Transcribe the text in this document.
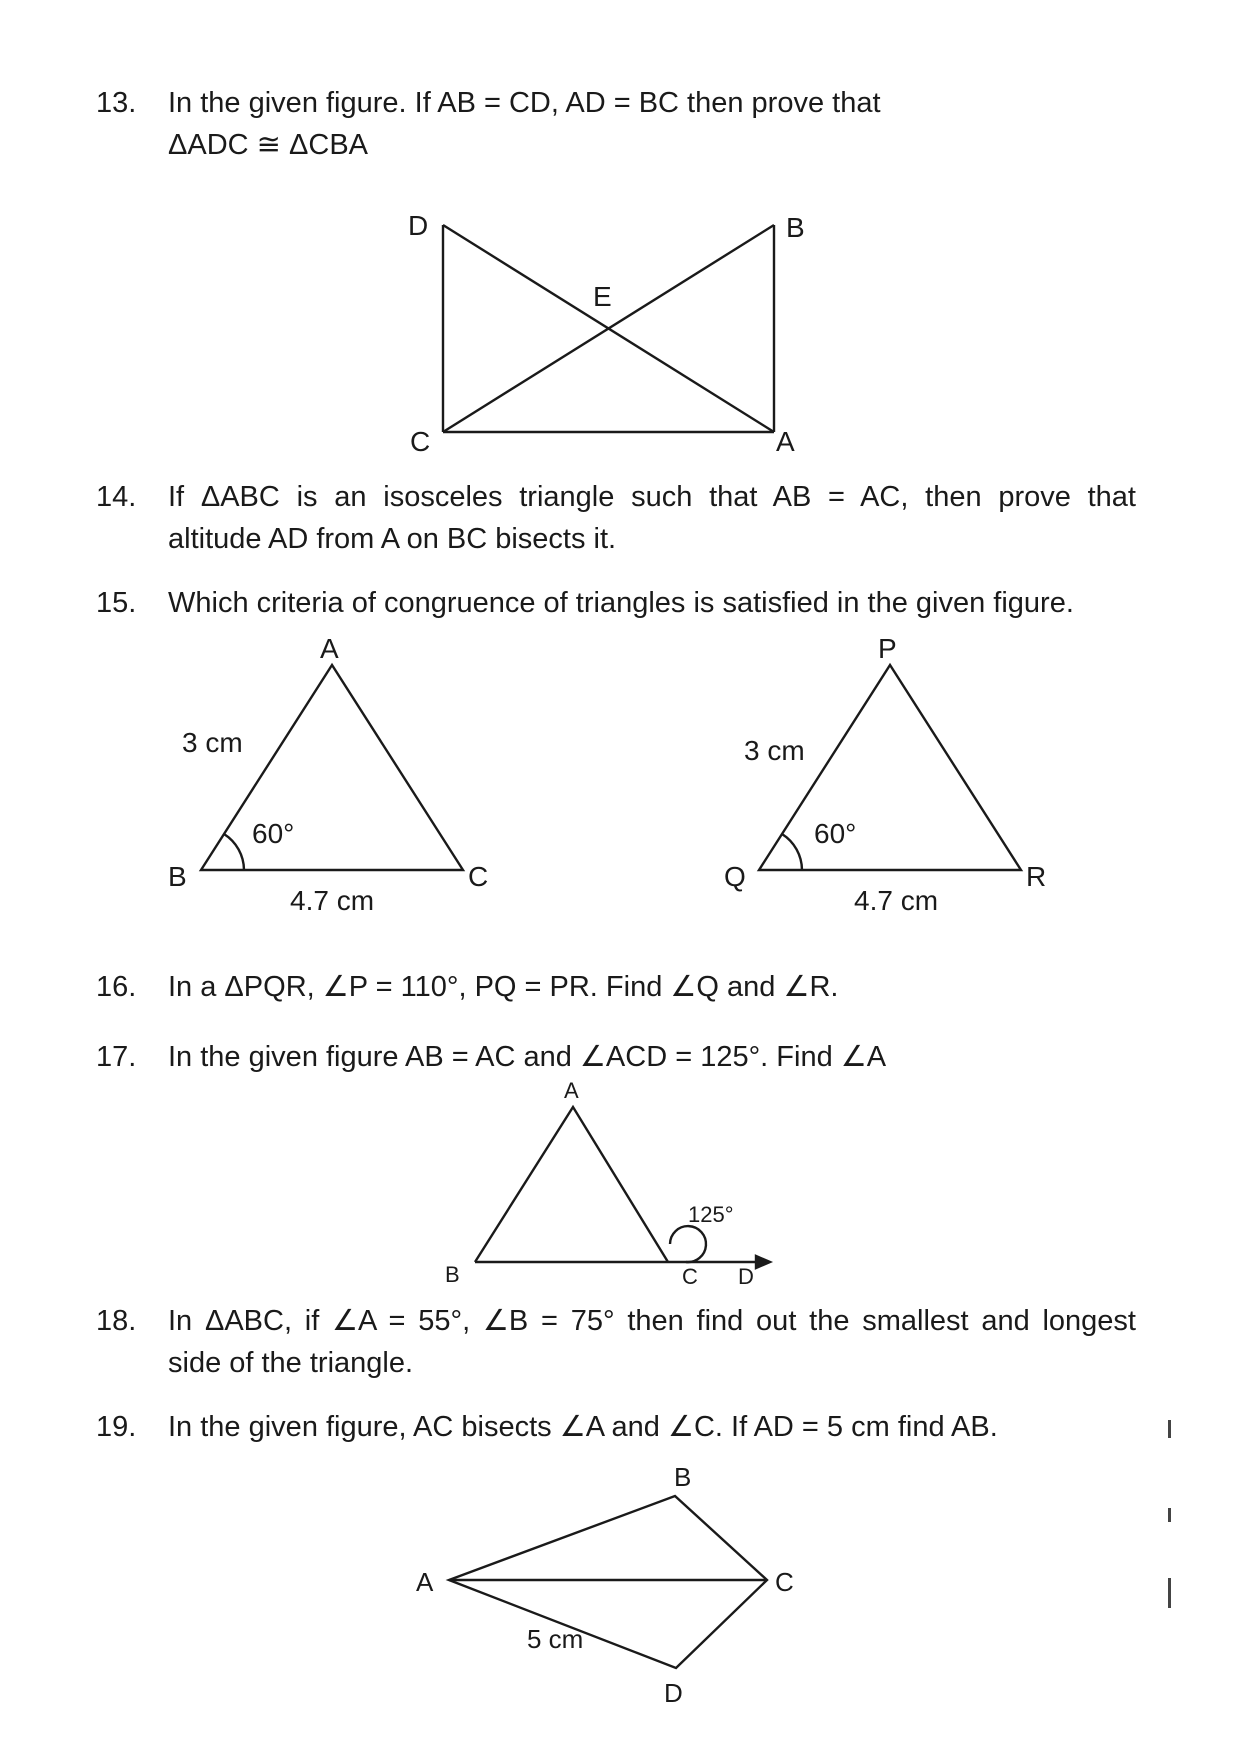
13.	In the given figure. If AB = CD, AD = BC then prove that
ΔADC ≅ ΔCBA
D	B
E
C	A
14.	If ΔABC is an isosceles triangle such that AB = AC, then prove that
altitude AD from A on BC bisects it.
15.	Which criteria of congruence of triangles is satisfied in the given figure.
A
B	C
3 cm
60°
4.7 cm
P
Q	R
3 cm
60°
4.7 cm
16.	In a ΔPQR, ∠P = 110°, PQ = PR. Find ∠Q and ∠R.
17.	In the given figure AB = AC and ∠ACD = 125°. Find ∠A
A
B	C D
125°
18.	In ΔABC, if ∠A = 55°, ∠B = 75° then find out the smallest and longest
side of the triangle.
19.	In the given figure, AC bisects ∠A and ∠C. If AD = 5 cm find AB.
A
B
C
D
5 cm
